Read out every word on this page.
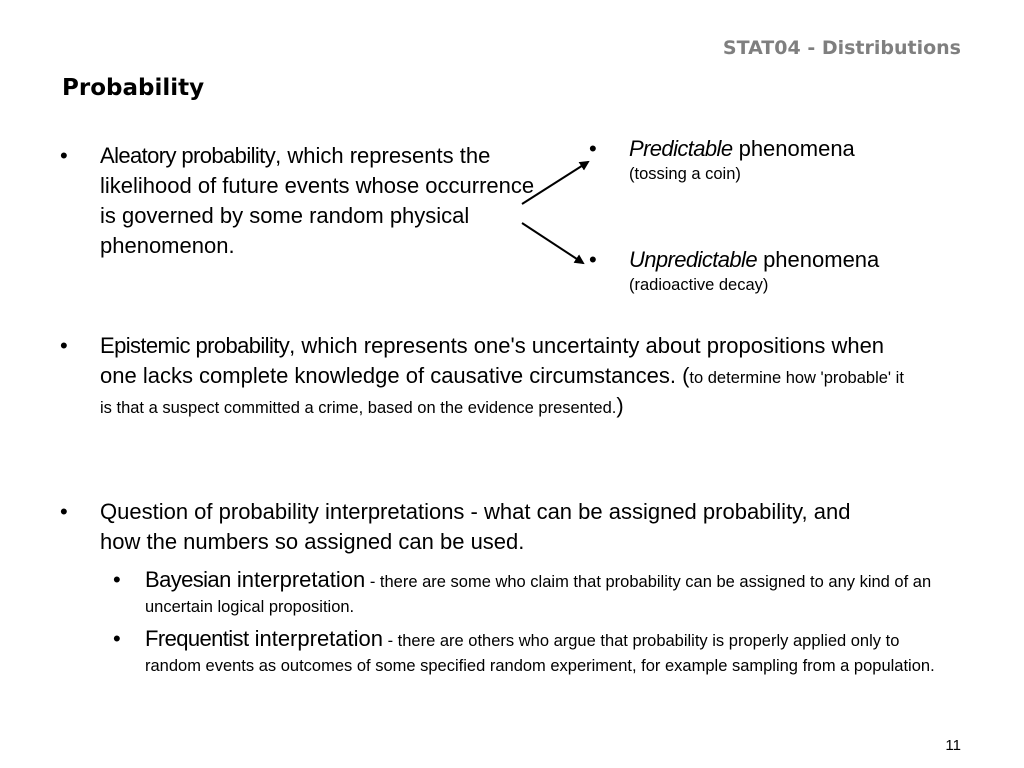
STAT04 - Distributions
Probability
• Aleatory probability, which represents the likelihood of future events whose occurrence is governed by some random physical phenomenon.
• Predictable phenomena
(tossing a coin)
• Unpredictable phenomena
(radioactive decay)
• Epistemic probability, which represents one's uncertainty about propositions when one lacks complete knowledge of causative circumstances. (to determine how 'probable' it is that a suspect committed a crime, based on the evidence presented.)
• Question of probability interpretations - what can be assigned probability, and how the numbers so assigned can be used.
• Bayesian interpretation - there are some who claim that probability can be assigned to any kind of an uncertain logical proposition.
• Frequentist interpretation - there are others who argue that probability is properly applied only to random events as outcomes of some specified random experiment, for example sampling from a population.
11
